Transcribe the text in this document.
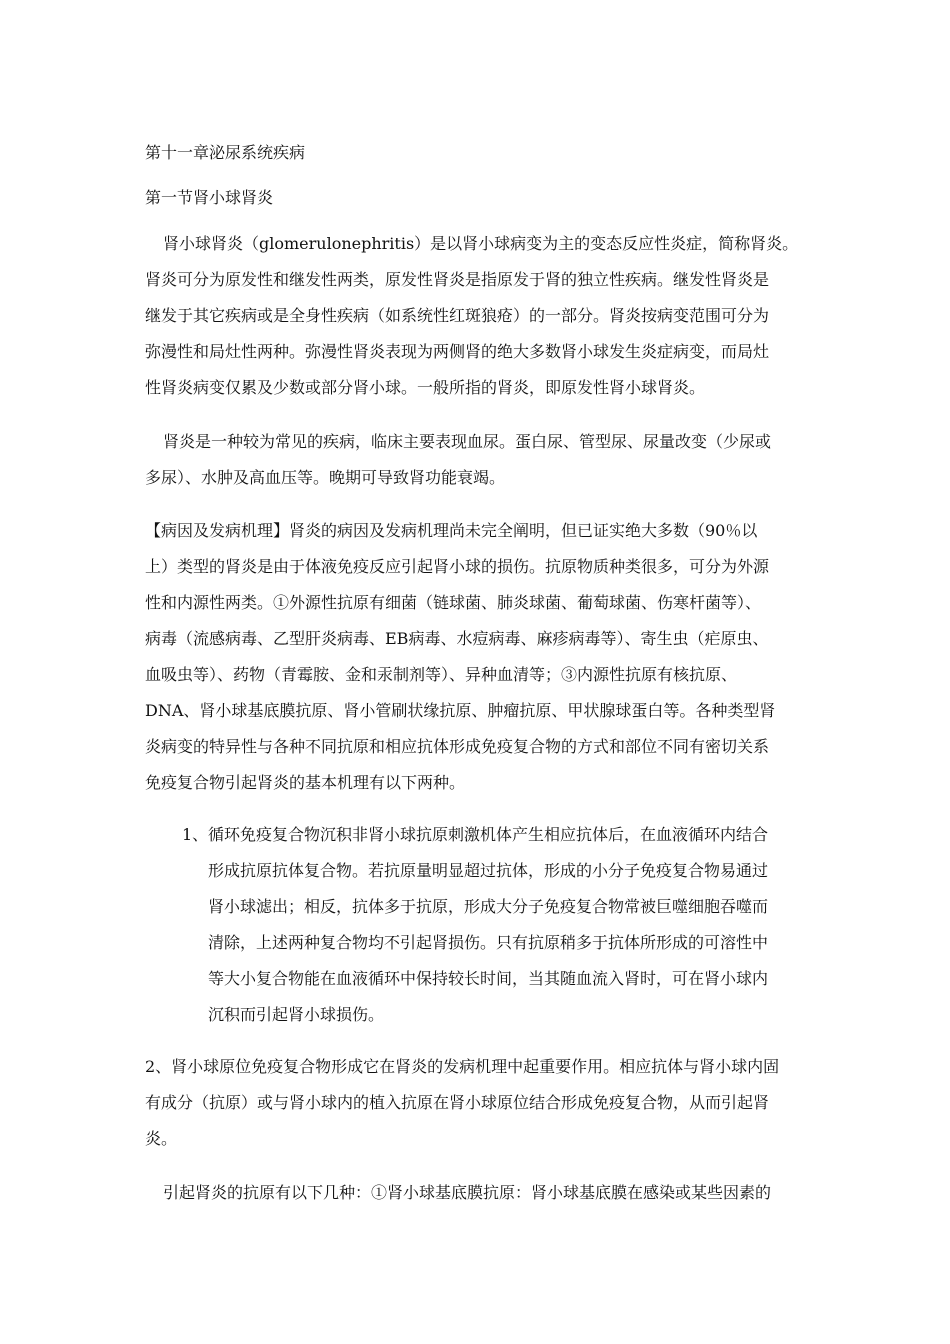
第十一章泌尿系统疾病
第一节肾小球肾炎
肾小球肾炎（glomerulonephritis）是以肾小球病变为主的变态反应性炎症，简称肾炎。
肾炎可分为原发性和继发性两类，原发性肾炎是指原发于肾的独立性疾病。继发性肾炎是
继发于其它疾病或是全身性疾病（如系统性红斑狼疮）的一部分。肾炎按病变范围可分为
弥漫性和局灶性两种。弥漫性肾炎表现为两侧肾的绝大多数肾小球发生炎症病变，而局灶
性肾炎病变仅累及少数或部分肾小球。一般所指的肾炎，即原发性肾小球肾炎。
肾炎是一种较为常见的疾病，临床主要表现血尿。蛋白尿、管型尿、尿量改变（少尿或
多尿）、水肿及高血压等。晚期可导致肾功能衰竭。
【病因及发病机理】肾炎的病因及发病机理尚未完全阐明，但已证实绝大多数（90％以
上）类型的肾炎是由于体液免疫反应引起肾小球的损伤。抗原物质种类很多，可分为外源
性和内源性两类。①外源性抗原有细菌（链球菌、肺炎球菌、葡萄球菌、伤寒杆菌等）、
病毒（流感病毒、乙型肝炎病毒、EB病毒、水痘病毒、麻疹病毒等）、寄生虫（疟原虫、
血吸虫等）、药物（青霉胺、金和汞制剂等）、异种血清等；③内源性抗原有核抗原、
DNA、肾小球基底膜抗原、肾小管刷状缘抗原、肿瘤抗原、甲状腺球蛋白等。各种类型肾
炎病变的特异性与各种不同抗原和相应抗体形成免疫复合物的方式和部位不同有密切关系
免疫复合物引起肾炎的基本机理有以下两种。
1、 循环免疫复合物沉积非肾小球抗原刺激机体产生相应抗体后，在血液循环内结合
形成抗原抗体复合物。若抗原量明显超过抗体，形成的小分子免疫复合物易通过
肾小球滤出；相反，抗体多于抗原，形成大分子免疫复合物常被巨噬细胞吞噬而
清除，上述两种复合物均不引起肾损伤。只有抗原稍多于抗体所形成的可溶性中
等大小复合物能在血液循环中保持较长时间，当其随血流入肾时，可在肾小球内
沉积而引起肾小球损伤。
2、肾小球原位免疫复合物形成它在肾炎的发病机理中起重要作用。相应抗体与肾小球内固
有成分（抗原）或与肾小球内的植入抗原在肾小球原位结合形成免疫复合物，从而引起肾
炎。
引起肾炎的抗原有以下几种：①肾小球基底膜抗原：肾小球基底膜在感染或某些因素的
